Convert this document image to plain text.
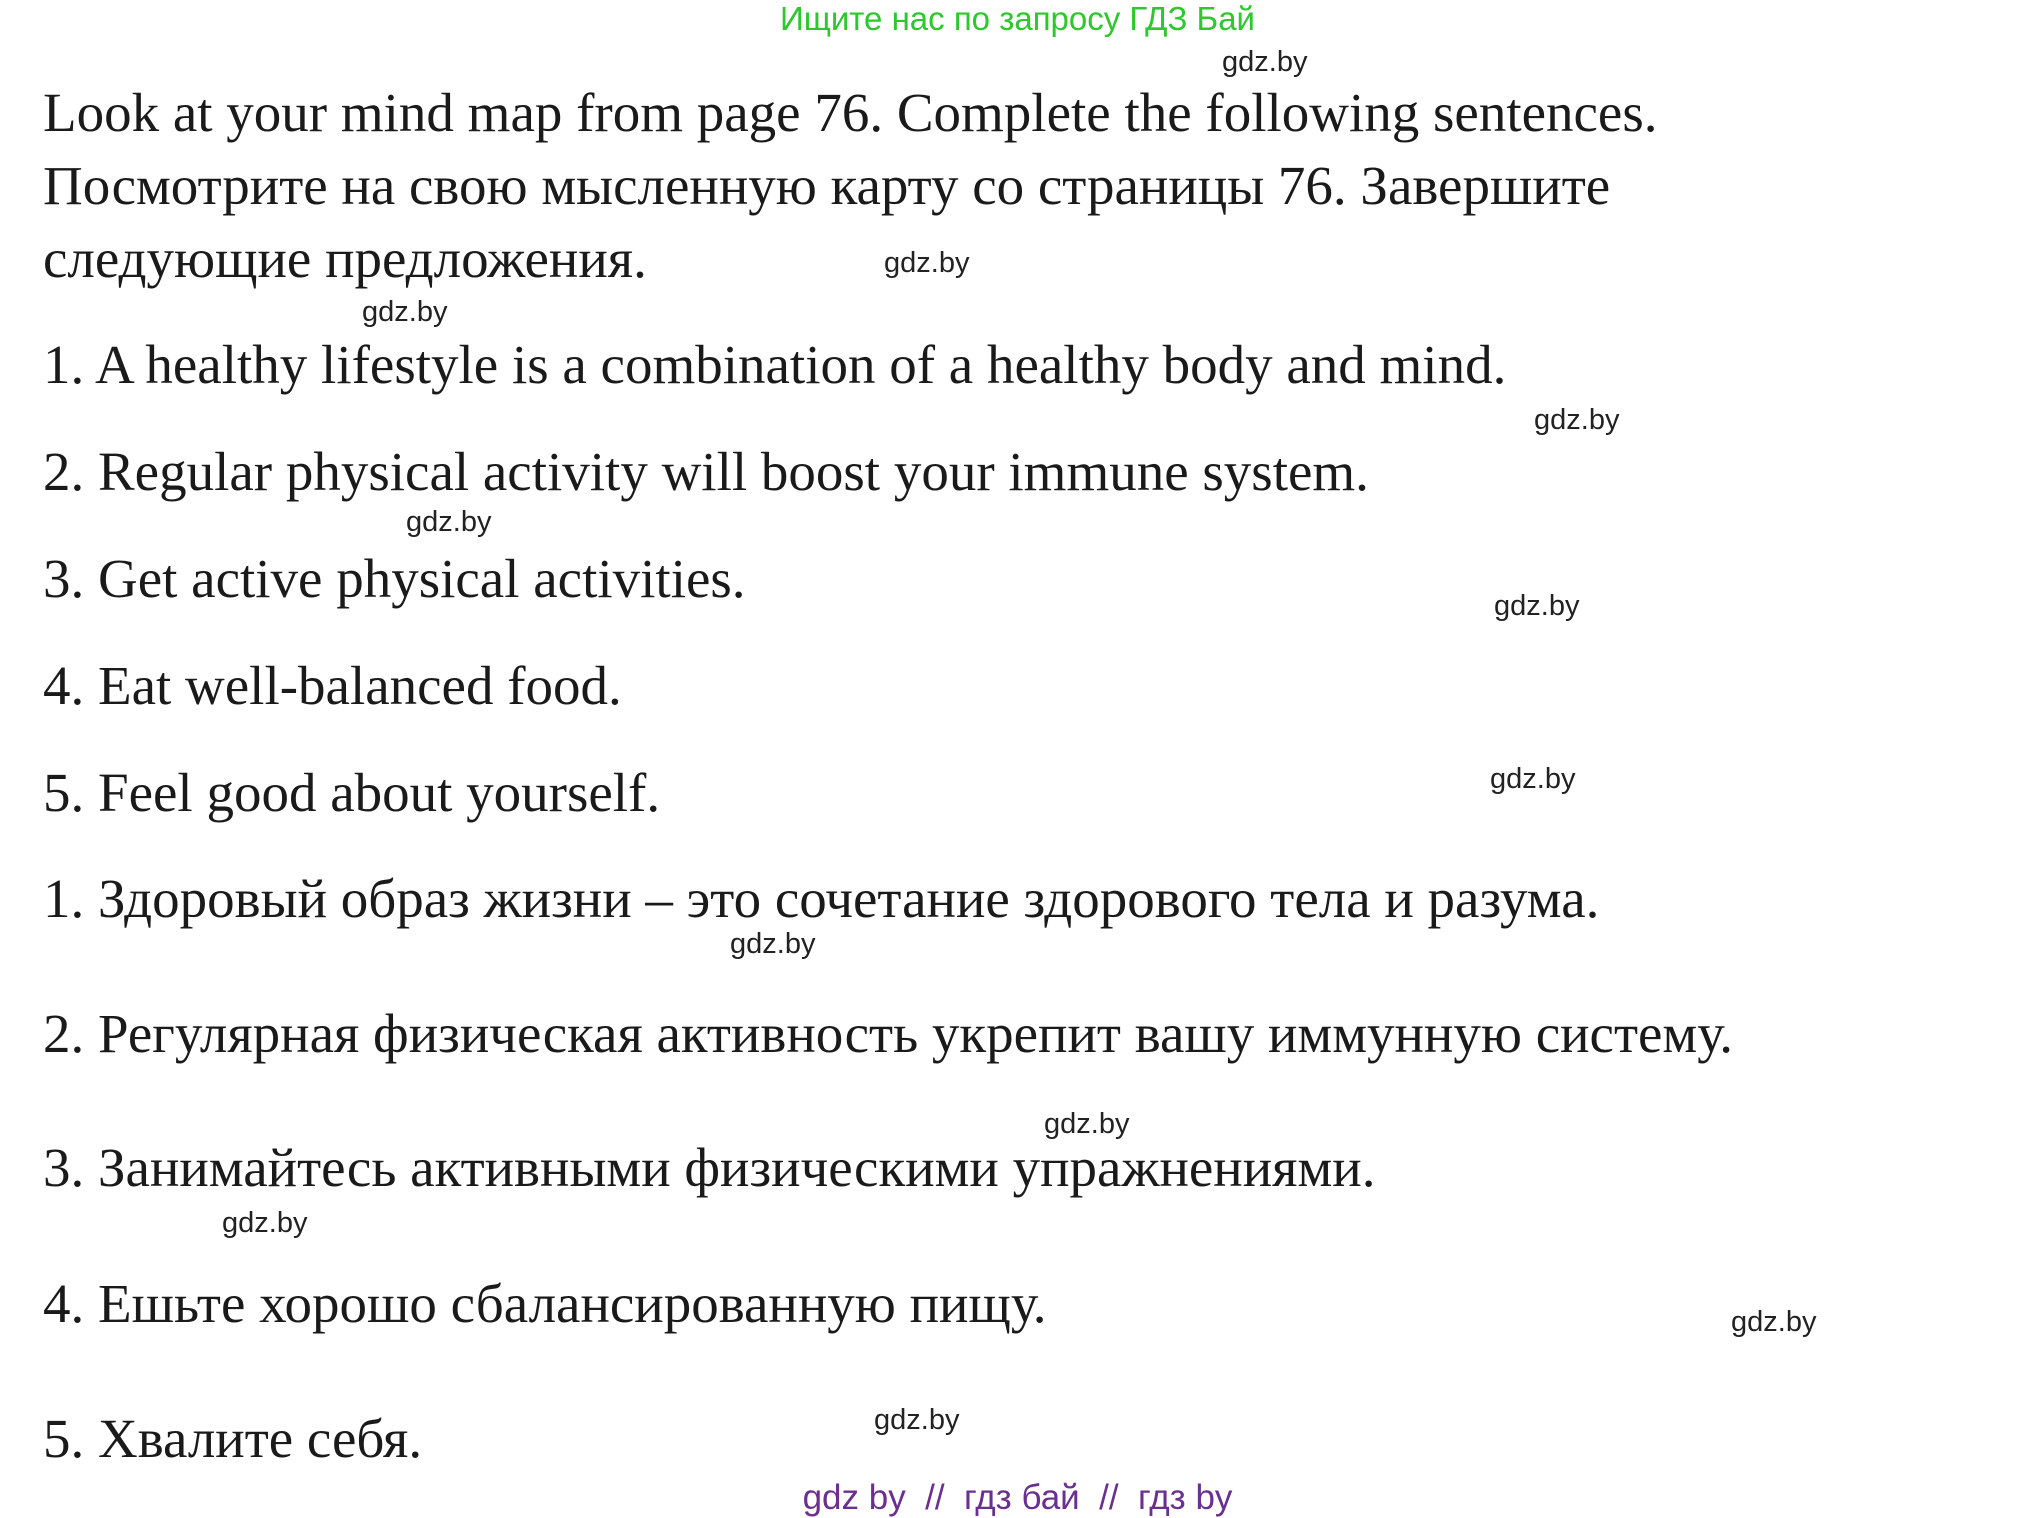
Ищите нас по запросу ГДЗ Бай
Look at your mind map from page 76. Complete the following sentences.
Посмотрите на свою мысленную карту со страницы 76. Завершите
следующие предложения.
1. A healthy lifestyle is a combination of a healthy body and mind.
2. Regular physical activity will boost your immune system.
3. Get active physical activities.
4. Eat well-balanced food.
5. Feel good about yourself.
1. Здоровый образ жизни – это сочетание здорового тела и разума.
2. Регулярная физическая активность укрепит вашу иммунную систему.
3. Занимайтесь активными физическими упражнениями.
4. Ешьте хорошо сбалансированную пищу.
5. Хвалите себя.
gdz.by
gdz.by
gdz.by
gdz.by
gdz.by
gdz.by
gdz.by
gdz.by
gdz.by
gdz.by
gdz.by
gdz.by
gdz by  //  гдз бай  //  гдз by
